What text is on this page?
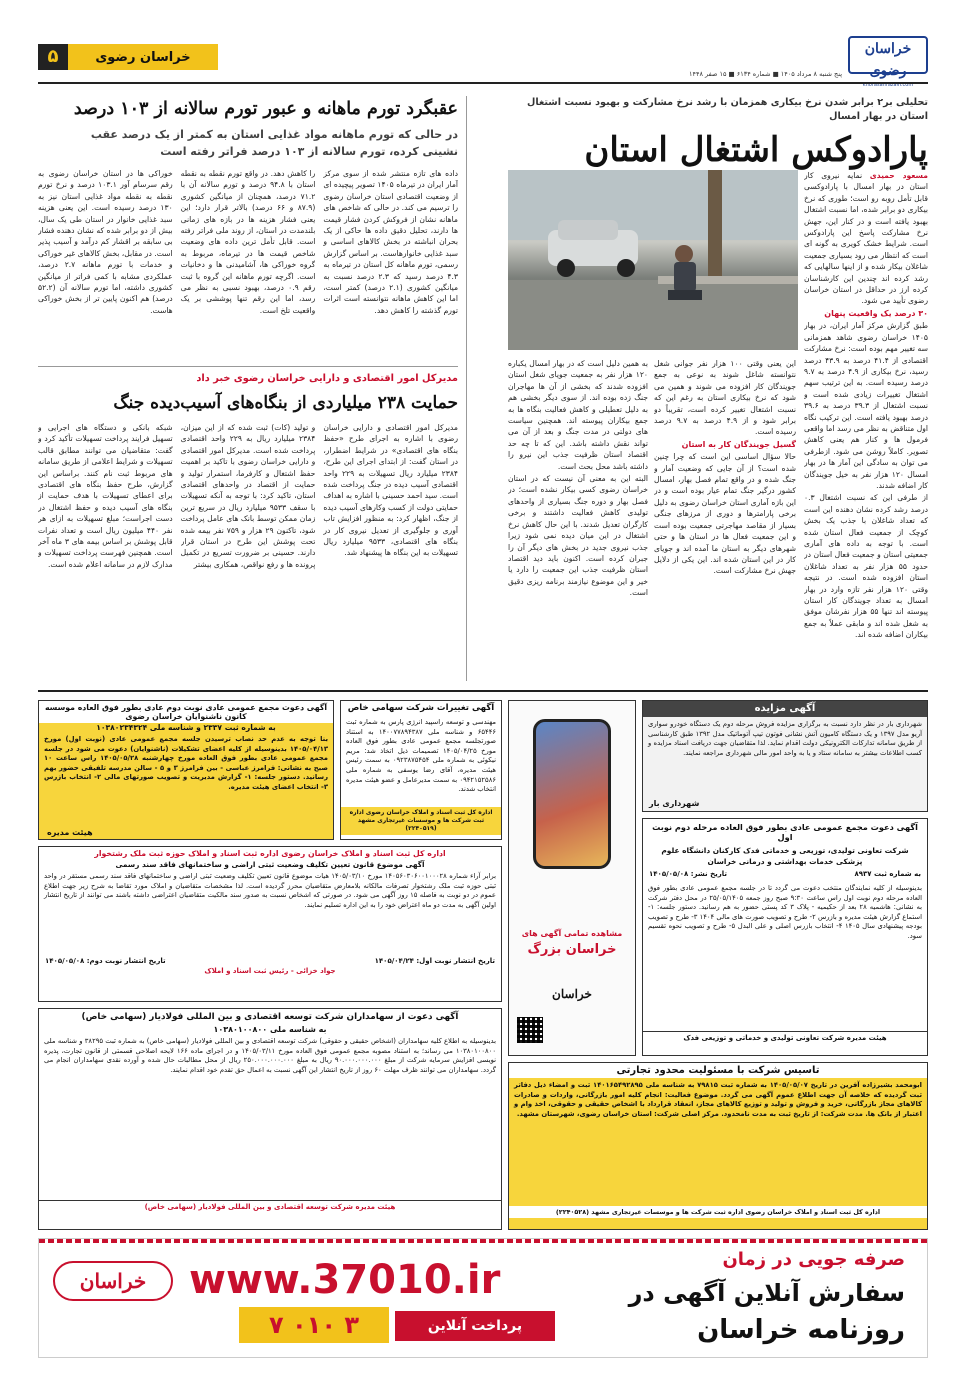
خراسان رضوی
khorasanrazavi.com
پنج شنبه ۸ مرداد ۱۴۰۵ ■ شماره ۶۱۳۴ ■ ۱۵ صفر ۱۴۴۸
خراسان رضوی
۵
تحلیلی بر۲ برابر شدن نرخ بیکاری همزمان با رشد نرخ مشارکت و بهبود نسبت اشتغال استان در بهار امسال
پارادوکس اشتغال استان

مسعود حمیدی نمایه نیروی کار استان در بهار امسال با پارادوکسی قابل تأمل روبه رو است؛ طوری که نرخ بیکاری دو برابر شده، اما نسبت اشتغال بهبود یافته است و در کنار این، جهش نرخ مشارکت پاسخ این پارادوکس است. شرایط خشک کویری به گونه ای است که انتظار می رود بسیاری جمعیت شاغلان بیکار شده و از اینها سالهایی که رشد کرده اند چندین این کارشناسان کرده ارز در حداقل در استان خراسان رضوی تأیید می شود.

۳۰ درصد یک واقعیت پنهان

طبق گزارش مرکز آمار ایران، در بهار ۱۴۰۵ خراسان رضوی شاهد همزمانی سه تغییر مهم بوده است: نرخ مشارکت اقتصادی از ۴۱.۴ درصد به ۴۳.۹ درصد رسید، نرخ بیکاری از ۴.۹ درصد به ۹.۷ درصد رسیده است. به این ترتیب سهم اشتغال تغییرات زیادی شده است و نسبت اشتغال از ۳۹.۳ درصد به ۳۹.۶ درصد بهبود یافته است. این ترکیب نگاه اول متناقض به نظر می رسد اما واقعی فرمول ها و کنار هم یعنی کاهش تصویر. کاملاً روشن می شود. ازطرفی می توان به سادگی این آمار ها در بهار امسال ۱۲۰ هزار نفر به خیل جویندگان کار اضافه شدند.

از طرفی این که نسبت اشتغال ۰.۳ درصد رشد کرده نشان دهنده این است که تعداد شاغلان با جذب یک بخش کوچک از جمعیت فعال استان شده است. با توجه به داده های آماری جمعیتی استان و جمعیت فعال استان در حدود ۵۵ هزار نفر به تعداد شاغلان استان افزوده شده است. در نتیجه وقتی ۱۲۰ هزار نفر تازه وارد در بهار امسال به تعداد جویندگان کار استان پیوسته اند تنها ۵۵ هزار نفرشان موفق به شغل شده اند و مابقی عملاً به جمع بیکاران اضافه شده اند.

این یعنی وقتی ۱۰۰ هزار نفر جوانی شغل نتوانسته شاغل شوند به نوعی به جمع جویندگان کار افزوده می شوند و همین می شود که نرخ بیکاری استان به رغم این که نسبت اشتغال تغییر کرده است، تقریباً دو برابر شود و از ۴.۹ درصد به ۹.۷ درصد رسیده است.

گسیل جویندگان کار به استان

حالا سؤال اساسی این است که چرا چنین شده است؟ از آن جایی که وضعیت آمار و جنگ شده و در واقع تمام فصل بهار، امسال کشور درگیر جنگ تمام عیار بوده است و در این بازه آماری استان خراسان رضوی به دلیل برخی پارامترها و دوری از مرزهای جنگی بسیار از مقاصد مهاجرتی جمعیت بوده است و این جمعیت فعال ها در استان ها و حتی شهرهای دیگر به استان ما آمده اند و جویای کار در این استان شده اند. این یکی از دلایل جهش نرخ مشارکت است.

به همین دلیل است که در بهار امسال یکباره ۱۲۰ هزار نفر به جمعیت جویای شغل استان افزوده شدند که بخشی از آن ها مهاجران جنگ زده بوده اند. از سوی دیگر بخشی هم به دلیل تعطیلی و کاهش فعالیت بنگاه ها به جمع بیکاران پیوسته اند. همچنین سیاست های دولتی در مدت جنگ و بعد از آن می تواند نقش داشته باشد. این که تا چه حد اقتصاد استان ظرفیت جذب این نیرو را داشته باشد محل بحث است.

البته این به معنی آن نیست که در استان خراسان رضوی کسی بیکار نشده است؛ در فصل بهار و دوره جنگ بسیاری از واحدهای تولیدی کاهش فعالیت داشتند و برخی کارگران تعدیل شدند. با این حال کاهش نرخ اشتغال در این میان دیده نمی شود زیرا جذب نیروی جدید در بخش های دیگر آن را جبران کرده است. اکنون باید دید اقتصاد استان ظرفیت جذب این جمعیت را دارد یا خیر و این موضوع نیازمند برنامه ریزی دقیق است.

عقبگرد تورم ماهانه و عبور تورم سالانه از ۱۰۳ درصد
در حالی که تورم ماهانه مواد غذایی استان به کمتر از یک درصد عقب نشینی کرده، تورم سالانه از ۱۰۳ درصد فراتر رفته است
داده های تازه منتشر شده از سوی مرکز آمار ایران در تیرماه ۱۴۰۵ تصویر پیچیده ای از وضعیت اقتصادی استان خراسان رضوی را ترسیم می کند. در حالی که شاخص های ماهانه نشان از فروکش کردن فشار قیمت ها دارند، تحلیل دقیق داده ها حاکی از یک بحران انباشته در بخش کالاهای اساسی و سبد غذایی خانوارهاست. بر اساس گزارش رسمی، تورم ماهانه کل استان در تیرماه به ۴.۳ درصد رسید که ۲.۳ درصد نسبت به میانگین کشوری (۲.۱ درصد) کمتر است، اما این کاهش ماهانه نتوانسته است اثرات تورم گذشته را کاهش دهد.
را کاهش دهد. در واقع تورم نقطه به نقطه استان با ۹۴.۸ درصد و تورم سالانه آن با ۷۱.۲ درصد، همچنان از میانگین کشوری (۸۷.۹ و ۶۶ درصد) بالاتر قرار دارد؛ این یعنی فشار هزینه ها در بازه های زمانی بلندمدت در استان، از روند ملی فراتر رفته است. قابل تأمل ترین داده های وضعیت شاخص قیمت ها در تیرماه، مربوط به گروه خوراکی ها، آشامیدنی ها و دخانیات است. اگرچه تورم ماهانه این گروه با ثبت رقم ۰.۹ درصد، بهبود نسبی به نظر می رسد، اما این رقم تنها پوششی بر یک واقعیت تلخ است.
خوراکی ها در استان خراسان رضوی به رقم سرسام آور ۱۰۳.۱ درصد و نرخ تورم نقطه به نقطه مواد غذایی استان نیز به ۱۳۰ درصد رسیده است. این یعنی هزینه سبد غذایی خانوار در استان طی یک سال، بیش از دو برابر شده که نشان دهنده فشار بی سابقه بر اقشار کم درآمد و آسیب پذیر است. در مقابل، بخش کالاهای غیر خوراکی و خدمات با تورم ماهانه ۲.۷ درصد، عملکردی مشابه با کمی فراتر از میانگین کشوری داشته، اما تورم سالانه آن (۵۲.۲ درصد) هم اکنون پایین تر از بخش خوراکی هاست.
مدیرکل امور اقتصادی و دارایی خراسان رضوی خبر داد
حمایت ۲۳۸ میلیاردی از بنگاه‌های آسیب‌دیده جنگ
مدیرکل امور اقتصادی و دارایی خراسان رضوی با اشاره به اجرای طرح «حفظ بنگاه های اقتصادی» در شرایط اضطرار، در استان گفت: از ابتدای اجرای این طرح، ۲۳۸۴ میلیارد ریال تسهیلات به ۲۲۹ واحد اقتصادی آسیب دیده در جنگ پرداخت شده است. سید احمد حسینی با اشاره به اهداف حمایتی دولت از کسب وکارهای آسیب دیده از جنگ، اظهار کرد: به منظور افزایش تاب آوری و جلوگیری از تعدیل نیروی کار در بنگاه های اقتصادی، ۹۵۳۳ میلیارد ریال تسهیلات به این بنگاه ها پیشنهاد شد.
و تولید (کات) ثبت شده که از این میزان، ۲۳۸۴ میلیارد ریال به ۲۲۹ واحد اقتصادی پرداخت شده است. مدیرکل امور اقتصادی و دارایی خراسان رضوی با تاکید بر اهمیت حفظ اشتغال و کارفرما، استمرار تولید و حمایت از اقتصاد در واحدهای اقتصادی استان، تاکید کرد: با توجه به آنکه تسهیلات با سقف ۹۵۳۳ میلیارد ریال در سریع ترین زمان ممکن توسط بانک های عامل پرداخت شود، تاکنون ۲۹ هزار و ۷۵۹ نفر بیمه شده تحت پوشش این طرح در استان قرار دارند. حسینی بر ضرورت تسریع در تکمیل پرونده ها و رفع نواقص، همکاری بیشتر
شبکه بانکی و دستگاه های اجرایی و تسهیل فرایند پرداخت تسهیلات تأکید کرد و گفت: متقاضیان می توانند مطابق قالب تسهیلات و شرایط اعلامی از طریق سامانه های مربوط ثبت نام کنند. براساس این گزارش، طرح حفظ بنگاه های اقتصادی برای اعطای تسهیلات با هدف حمایت از بنگاه های آسیب دیده و حفظ اشتغال در دست اجراست؛ مبلغ تسهیلات به ازای هر نفر ۴۴۰ میلیون ریال است و تعداد نفرات قابل پوشش بر اساس بیمه های ۳ ماه آخر است. همچنین فهرست پرداخت تسهیلات و مدارک لازم در سامانه اعلام شده است.
آگهی مزایده
شهرداری بار در نظر دارد نسبت به برگزاری مزایده فروش مرحله دوم یک دستگاه خودرو سواری آریو مدل ۱۳۹۷ و یک دستگاه کامیون آتش نشانی فوتون تیپ آتوماتیک مدل ۱۳۹۲ طبق کارشناسی از طریق سامانه تدارکات الکترونیکی دولت اقدام نماید. لذا متقاضیان جهت دریافت اسناد مزایده و کسب اطلاعات بیشتر به سامانه ستاد و یا به واحد امور مالی شهرداری مراجعه نمایند.
شهرداری بار
آگهی دعوت مجمع عمومی عادی بطور فوق العاده مرحله دوم نوبت اول
شرکت تعاونی تولیدی، توزیعی و خدماتی فدک کارکنان دانشگاه علوم پزشکی خدمات بهداشتی و درمانی خراسان
به شماره ثبت ۸۹۳۷
تاریخ نشر: ۱۴۰۵/۰۵/۰۸
بدینوسیله از کلیه نمایندگان منتخب دعوت می گردد تا در جلسه مجمع عمومی عادی بطور فوق العاده مرحله دوم نوبت اول راس ساعت ۹:۳۰ صبح روز جمعه ۲۵/۰۵/۱۴۰۵ در محل دفتر شرکت به نشانی: هاشمیه ۲۸ بعد از حکیمیه - پلاک ۳ کد پستی حضور به هم رسانید. دستور جلسه: ۱- استماع گزارش هیئت مدیره و بازرس ۲- طرح و تصویب صورت های مالی ۱۴۰۴ ۳- طرح و تصویب بودجه پیشنهادی سال ۱۴۰۵ ۴- انتخاب بازرس اصلی و علی البدل ۵- طرح و تصویب نحوه تقسیم سود.
هیئت مدیره شرکت تعاونی تولیدی و خدماتی و توزیعی فدک
مشاهده تمامی آگهی های
خراسان بزرگ
خراسان
آگهی تغییرات شرکت سهامی خاص
مهندسی و توسعه راسپید انرژی پارس به شماره ثبت ۶۵۴۴۶ و شناسه ملی ۱۴۰۰۷۷۸۹۴۳۸۷ به استناد صورتجلسه مجمع عمومی عادی بطور فوق العاده مورخ ۱۴۰۵/۰۴/۲۵ تصمیمات ذیل اتخاذ شد: مریم نیکوئی به شماره ملی ۰۹۲۳۸۷۵۴۵۴ به سمت رئیس هیئت مدیره، آقای رضا یوسفی به شماره ملی ۰۹۴۲۱۵۲۵۸۶ به سمت مدیرعامل و عضو هیئت مدیره انتخاب شدند.
اداره کل ثبت اسناد و املاک خراسان رضوی اداره ثبت شرکت ها و موسسات غیرتجاری مشهد (۲۲۴۰۵۱۹)
آگهی دعوت مجمع عمومی عادی نوبت دوم عادی بطور فوق العاده موسسه کانون ناشنوایان خراسان رضوی
به شماره ثبت ۲۳۳۷ و شناسه ملی ۱۰۳۸۰۲۳۴۳۲۴
بنا توجه به عدم حد نصاب ترسیدن جلسه مجمع عمومی عادی (نوبت اول) مورخ ۱۴۰۵/۰۴/۱۳ بدینوسیله از کلیه اعضای تشکیلات (ناشنوایان) دعوت می شود در جلسه مجمع عمومی عادی بطور فوق العاده مورخ چهارشنبه ۱۴۰۵/۰۵/۲۸ راس ساعت ۱۰ صبح به نشانی: فرامرز عباسی - بین فرامرز ۳ و ۵ - سالن مدرسه تلفیقی حضور بهم رسانید. دستور جلسه: ۱- گزارش مدیریت و تصویب صورتهای مالی ۲- انتخاب بازرس ۳- انتخاب اعضای هیئت مدیره.
هیئت مدیره
اداره کل ثبت اسناد و املاک خراسان رضوی اداره ثبت اسناد و املاک حوزه ثبت ملک رشتخوار
آگهی موضوع قانون تعیین تکلیف وضعیت ثبتی اراضی و ساختمانهای فاقد سند رسمی
برابر آراء شماره ۱۴۰۵۶۰۳۰۶۰۰۱۰۰۰۲۸ مورخ ۱۴۰۵/۰۳/۱۰ هیات موضوع قانون تعیین تکلیف وضعیت ثبتی اراضی و ساختمانهای فاقد سند رسمی مستقر در واحد ثبتی حوزه ثبت ملک رشتخوار تصرفات مالکانه بلامعارض متقاضیان محرز گردیده است. لذا مشخصات متقاضیان و املاک مورد تقاضا به شرح زیر جهت اطلاع عموم در دو نوبت به فاصله ۱۵ روز آگهی می شود. در صورتی که اشخاص نسبت به صدور سند مالکیت متقاضیان اعتراضی داشته باشند می توانند از تاریخ انتشار اولین آگهی به مدت دو ماه اعتراض خود را به این اداره تسلیم نمایند.
تاریخ انتشار نوبت اول: ۱۴۰۵/۰۴/۲۴
تاریخ انتشار نوبت دوم: ۱۴۰۵/۰۵/۰۸
جواد خزائی - رئیس ثبت اسناد و املاک
آگهی دعوت از سهامداران شرکت توسعه اقتصادی و بین المللی فولادیار (سهامی خاص)
به شناسه ملی ۱۰۳۸۰۱۰۰۸۰۰
بدینوسیله به اطلاع کلیه سهامداران (اشخاص حقیقی و حقوقی) شرکت توسعه اقتصادی و بین المللی فولادیار (سهامی خاص) به شماره ثبت ۳۸۲۹۵ و شناسه ملی ۱۰۳۸۰۱۰۰۸۰۰ می رساند؛ به استناد مصوبه مجمع عمومی فوق العاده مورخ ۱۴۰۵/۰۳/۱۱ و در اجرای ماده ۱۶۶ لایحه اصلاحی قسمتی از قانون تجارت، پذیره نویسی افزایش سرمایه شرکت از مبلغ ۹۰.۰۰۰.۰۰۰.۰۰۰ ریال به مبلغ ۲۵۰.۰۰۰.۰۰۰.۰۰۰ ریال از محل مطالبات حال شده و آورده نقدی سهامداران انجام می گردد. سهامداران می توانند ظرف مهلت ۶۰ روز از تاریخ انتشار این آگهی نسبت به اعمال حق تقدم خود اقدام نمایند.
هیئت مدیره شرکت توسعه اقتصادی و بین المللی فولادیار (سهامی خاص)
تاسیس شرکت با مسئولیت محدود تجارتی
ابومحمد بشیرزاده آفرین در تاریخ ۱۴۰۵/۰۵/۰۷ به شماره ثبت ۷۹۸۱۵ به شناسه ملی ۱۴۰۱۶۵۴۹۲۸۹۵ ثبت و امضاء ذیل دفاتر ثبت گردیده که خلاصه آن جهت اطلاع عموم آگهی می گردد. موضوع فعالیت: انجام کلیه امور بازرگانی، واردات و صادرات کالاهای مجاز بازرگانی، خرید و فروش و تولید و توزیع کالاهای مجاز، انعقاد قرارداد با اشخاص حقیقی و حقوقی، اخذ وام و اعتبار از بانک ها. مدت شرکت: از تاریخ ثبت به مدت نامحدود. مرکز اصلی شرکت: استان خراسان رضوی، شهرستان مشهد.
اداره کل ثبت اسناد و املاک خراسان رضوی اداره ثبت شرکت ها و موسسات غیرتجاری مشهد (۲۲۴۰۵۲۸)
خراسان	www.37010.ir
۳ ۰۱۰ ۷	پرداخت آنلاین
صرفه جویی در زمان
سفارش آنلاین آگهی در
روزنامه خراسان
